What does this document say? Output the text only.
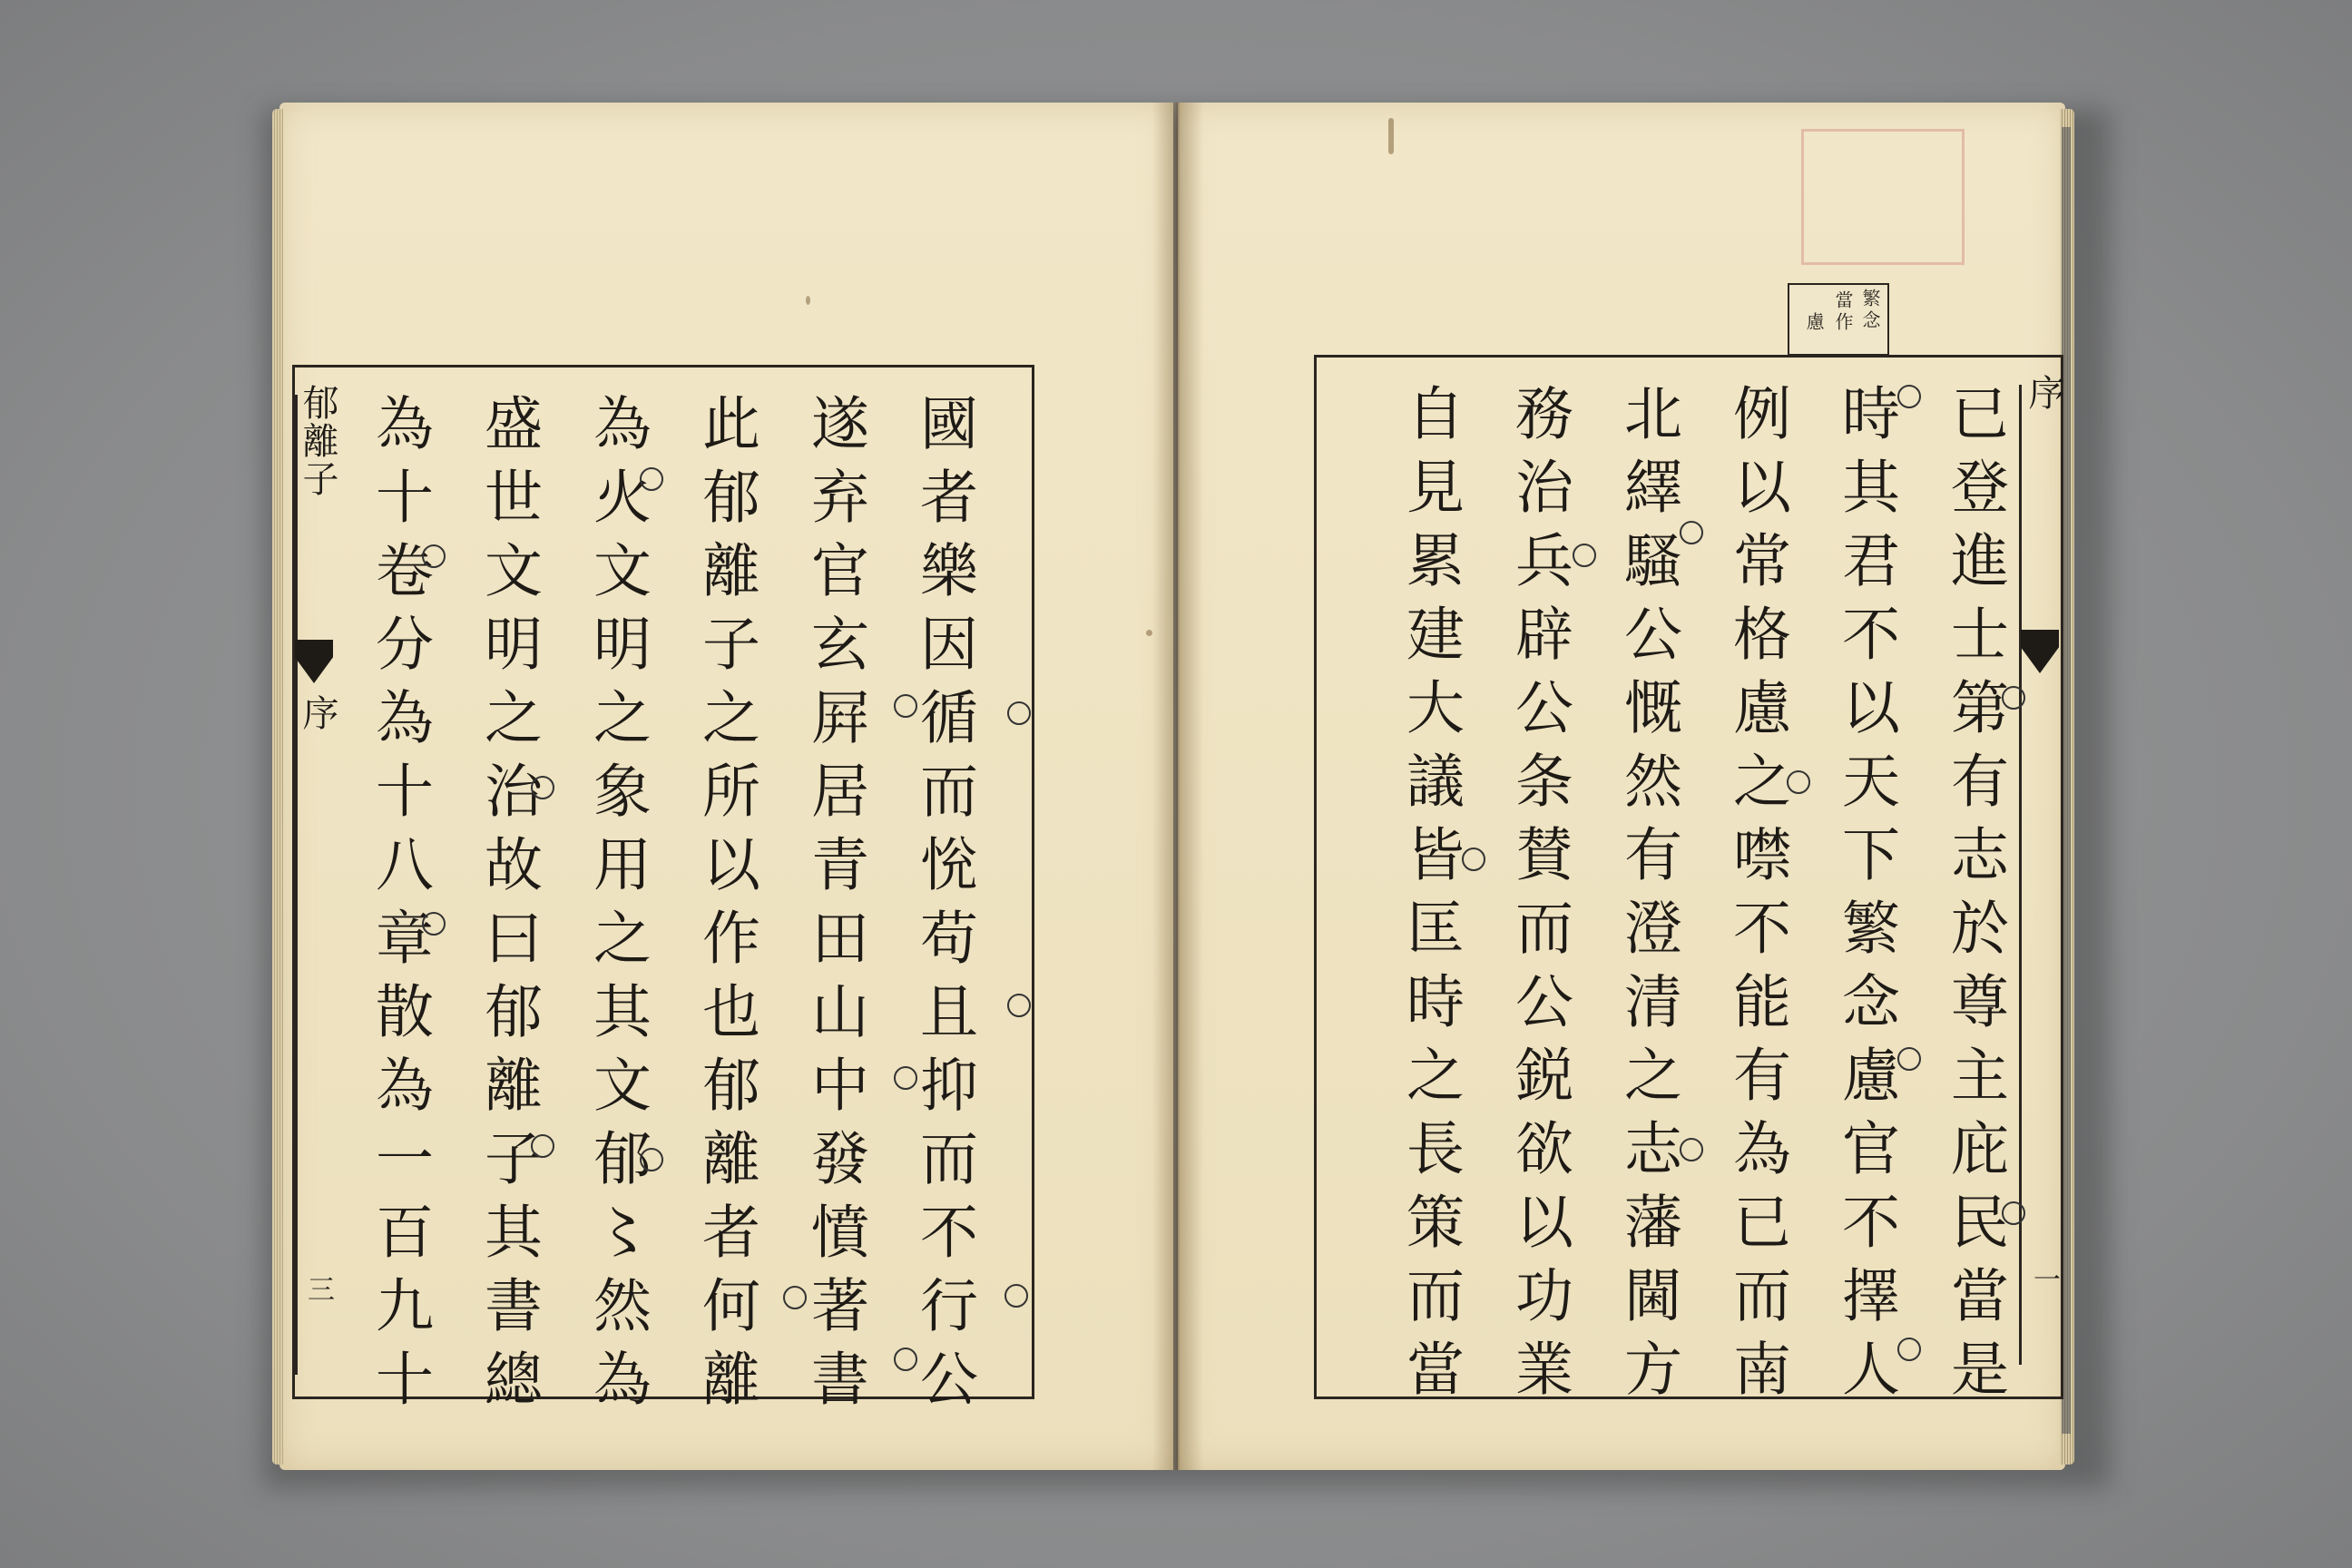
郁離子
序
三	國者樂因循而恱苟且抑而不行公
遂弃官玄屛居青田山中發憤著書
此郁離子之所以作也郁離者何離
為火文明之象用之其文郁〻然為
盛世文明之治故曰郁離子其書總
為十卷分為十八章散為一百九十	已登進士第有志於尊主庇民當是
時其君不以天下繁念慮官不擇人
例以常格慮之噤不能有為已而南
北繹騷公慨然有澄清之志藩閫方
務治兵辟公条賛而公鋭欲以功業
自見累建大議皆匡時之長策而當	序
一
繁
念
當
作
慮
